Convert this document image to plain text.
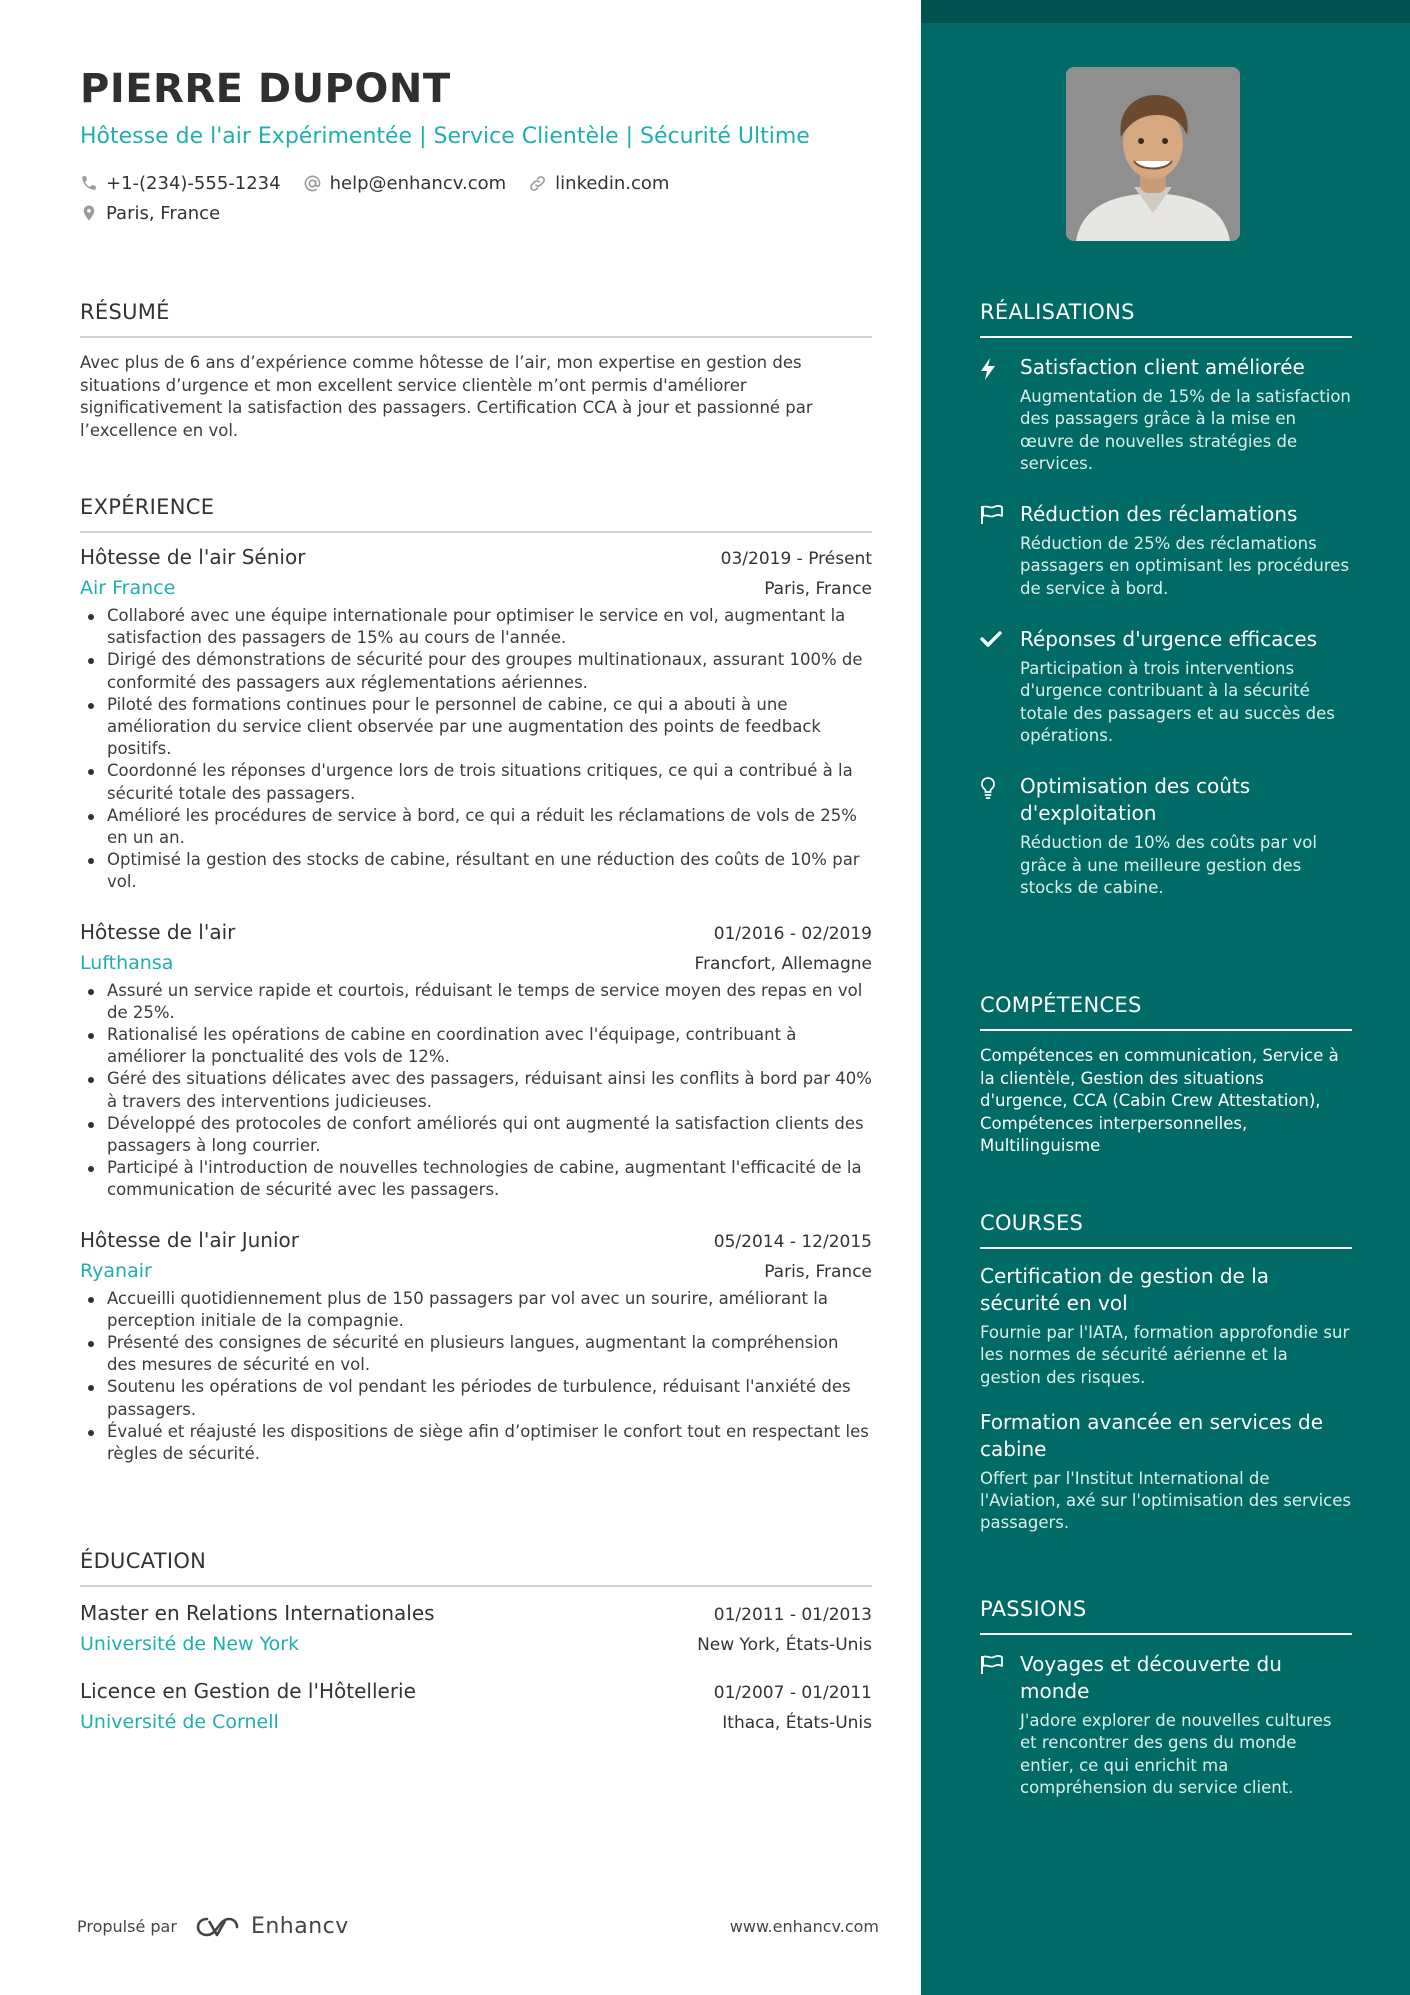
PIERRE DUPONT
Hôtesse de l'air Expérimentée | Service Clientèle | Sécurité Ultime
+1-(234)-555-1234	help@enhancv.com	linkedin.com
Paris, France
RÉSUMÉ
Avec plus de 6 ans d’expérience comme hôtesse de l’air, mon expertise en gestion des situations d’urgence et mon excellent service clientèle m’ont permis d'améliorer significativement la satisfaction des passagers. Certification CCA à jour et passionné par l’excellence en vol.
EXPÉRIENCE
Hôtesse de l'air Sénior	03/2019 - Présent
Air France	Paris, France
Collaboré avec une équipe internationale pour optimiser le service en vol, augmentant la satisfaction des passagers de 15% au cours de l'année.
Dirigé des démonstrations de sécurité pour des groupes multinationaux, assurant 100% de conformité des passagers aux réglementations aériennes.
Piloté des formations continues pour le personnel de cabine, ce qui a abouti à une amélioration du service client observée par une augmentation des points de feedback positifs.
Coordonné les réponses d'urgence lors de trois situations critiques, ce qui a contribué à la sécurité totale des passagers.
Amélioré les procédures de service à bord, ce qui a réduit les réclamations de vols de 25% en un an.
Optimisé la gestion des stocks de cabine, résultant en une réduction des coûts de 10% par vol.
Hôtesse de l'air	01/2016 - 02/2019
Lufthansa	Francfort, Allemagne
Assuré un service rapide et courtois, réduisant le temps de service moyen des repas en vol de 25%.
Rationalisé les opérations de cabine en coordination avec l'équipage, contribuant à améliorer la ponctualité des vols de 12%.
Géré des situations délicates avec des passagers, réduisant ainsi les conflits à bord par 40% à travers des interventions judicieuses.
Développé des protocoles de confort améliorés qui ont augmenté la satisfaction clients des passagers à long courrier.
Participé à l'introduction de nouvelles technologies de cabine, augmentant l'efficacité de la communication de sécurité avec les passagers.
Hôtesse de l'air Junior	05/2014 - 12/2015
Ryanair	Paris, France
Accueilli quotidiennement plus de 150 passagers par vol avec un sourire, améliorant la perception initiale de la compagnie.
Présenté des consignes de sécurité en plusieurs langues, augmentant la compréhension des mesures de sécurité en vol.
Soutenu les opérations de vol pendant les périodes de turbulence, réduisant l'anxiété des passagers.
Évalué et réajusté les dispositions de siège afin d’optimiser le confort tout en respectant les règles de sécurité.
ÉDUCATION
Master en Relations Internationales	01/2011 - 01/2013
Université de New York	New York, États-Unis
Licence en Gestion de l'Hôtellerie	01/2007 - 01/2011
Université de Cornell	Ithaca, États-Unis
Propulsé par	Enhancv	www.enhancv.com
RÉALISATIONS
Satisfaction client améliorée
Augmentation de 15% de la satisfaction des passagers grâce à la mise en œuvre de nouvelles stratégies de services.
Réduction des réclamations
Réduction de 25% des réclamations passagers en optimisant les procédures de service à bord.
Réponses d'urgence efficaces
Participation à trois interventions d'urgence contribuant à la sécurité totale des passagers et au succès des opérations.
Optimisation des coûts d'exploitation
Réduction de 10% des coûts par vol grâce à une meilleure gestion des stocks de cabine.
COMPÉTENCES
Compétences en communication, Service à la clientèle, Gestion des situations d'urgence, CCA (Cabin Crew Attestation), Compétences interpersonnelles, Multilinguisme
COURSES
Certification de gestion de la sécurité en vol
Fournie par l'IATA, formation approfondie sur les normes de sécurité aérienne et la gestion des risques.
Formation avancée en services de cabine
Offert par l'Institut International de l'Aviation, axé sur l'optimisation des services passagers.
PASSIONS
Voyages et découverte du monde
J'adore explorer de nouvelles cultures et rencontrer des gens du monde entier, ce qui enrichit ma compréhension du service client.
